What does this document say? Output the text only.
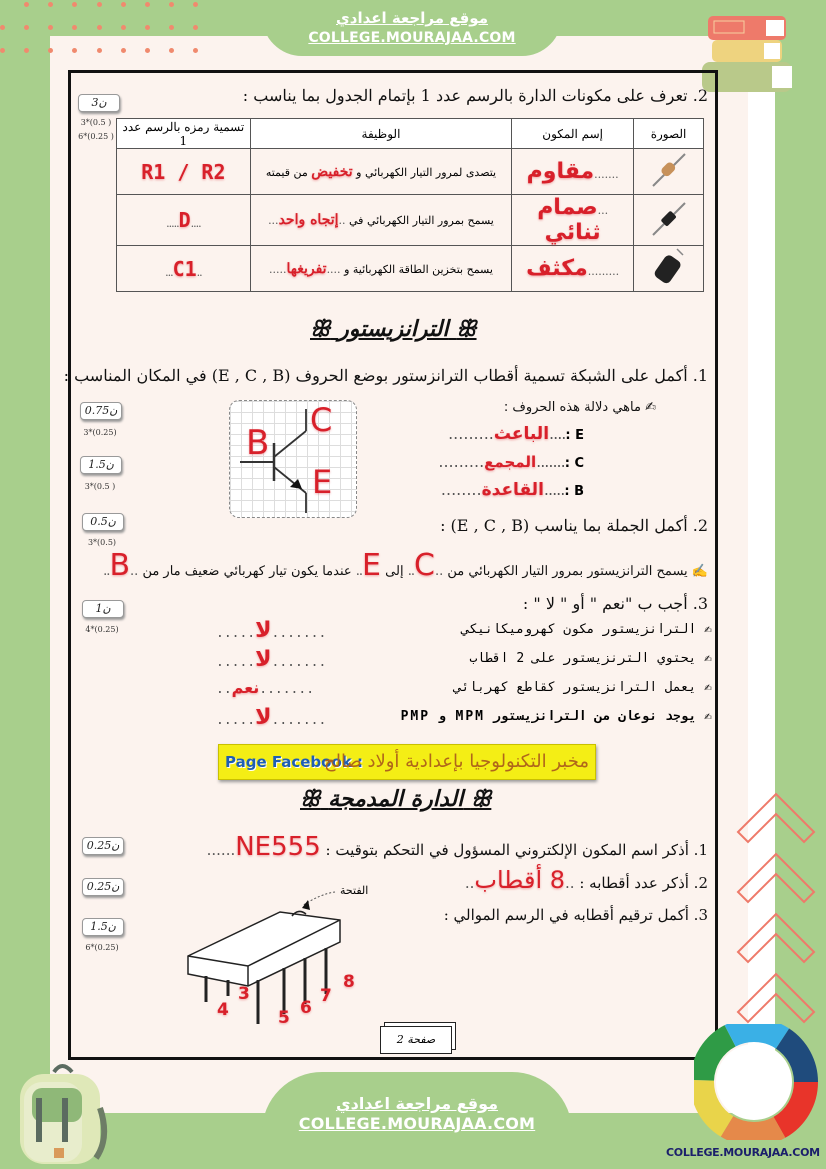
موقع مراجعة اعدادي
COLLEGE.MOURAJAA.COM
2. تعرف على مكونات الدارة بالرسم عدد 1 بإتمام الجدول بما يناسب :
3ن
3*(0.5 )
6*(0.25 )	الصورة	إسم المكون	الوظيفة	تسمية رمزه بالرسم عدد 1
	.......مقاوم	يتصدى لمرور التيار الكهربائي و تخفيض من قيمته	R1 / R2
	...صمام ثنائي	يسمح بمرور التيار الكهربائي في ..إتجاه واحد...	....D.....
	.........مكثف	يسمح بتخزين الطاقة الكهربائية و ....تفريغها.....	..C1...
ꕥ الترانزيستور ꕥ
1. أكمل على الشبكة تسمية أقطاب الترانزستور بوضع الحروف (E , C , B) في المكان المناسب :
0.75ن
3*(0.25)
1.5ن
3*(0.5 )
B
C
E
✍ ماهي دلالة هذه الحروف :
E :....الباعث.........
C :.......المجمع.........
B :.....القاعدة........
0.5ن
3*(0.5)
2. أكمل الجملة بما يناسب (E , C , B) :
✍ يسمح الترانزيستور بمرور التيار الكهربائي من ..C.. إلى E.. عندما يكون تيار كهربائي ضعيف مار من ..B..
1ن
4*(0.25)
3. أجب ب "نعم " أو " لا " :
✍ الترانزيستور مكون كهروميكانيكي
.......لا.....
✍ يحتوي الترنزيستور على 2 اقطاب
.......لا.....
✍ يعمل الترانزيستور كقاطع كهربائي
.......نعم..
✍ يوجد نوعان من الترانزيستور MPM و PMP
.......لا.....
Page Facebook :
مخبر التكنولوجيا بإعدادية أولاد صالح
ꕥ الدارة المدمجة ꕥ
0.25ن	1. أذكر اسم المكون الإلكتروني المسؤول في التحكم بتوقيت : NE555......
0.25ن	2. أذكر عدد أقطابه : ..8 أقطاب..
1.5ن
6*(0.25)
3. أكمل ترقيم أقطابه في الرسم الموالي :
الفتحة
3
4	5 6
7
8
صفحة 2
موقع مراجعة اعدادي
COLLEGE.MOURAJAA.COM
COLLEGE.MOURAJAA.COM
